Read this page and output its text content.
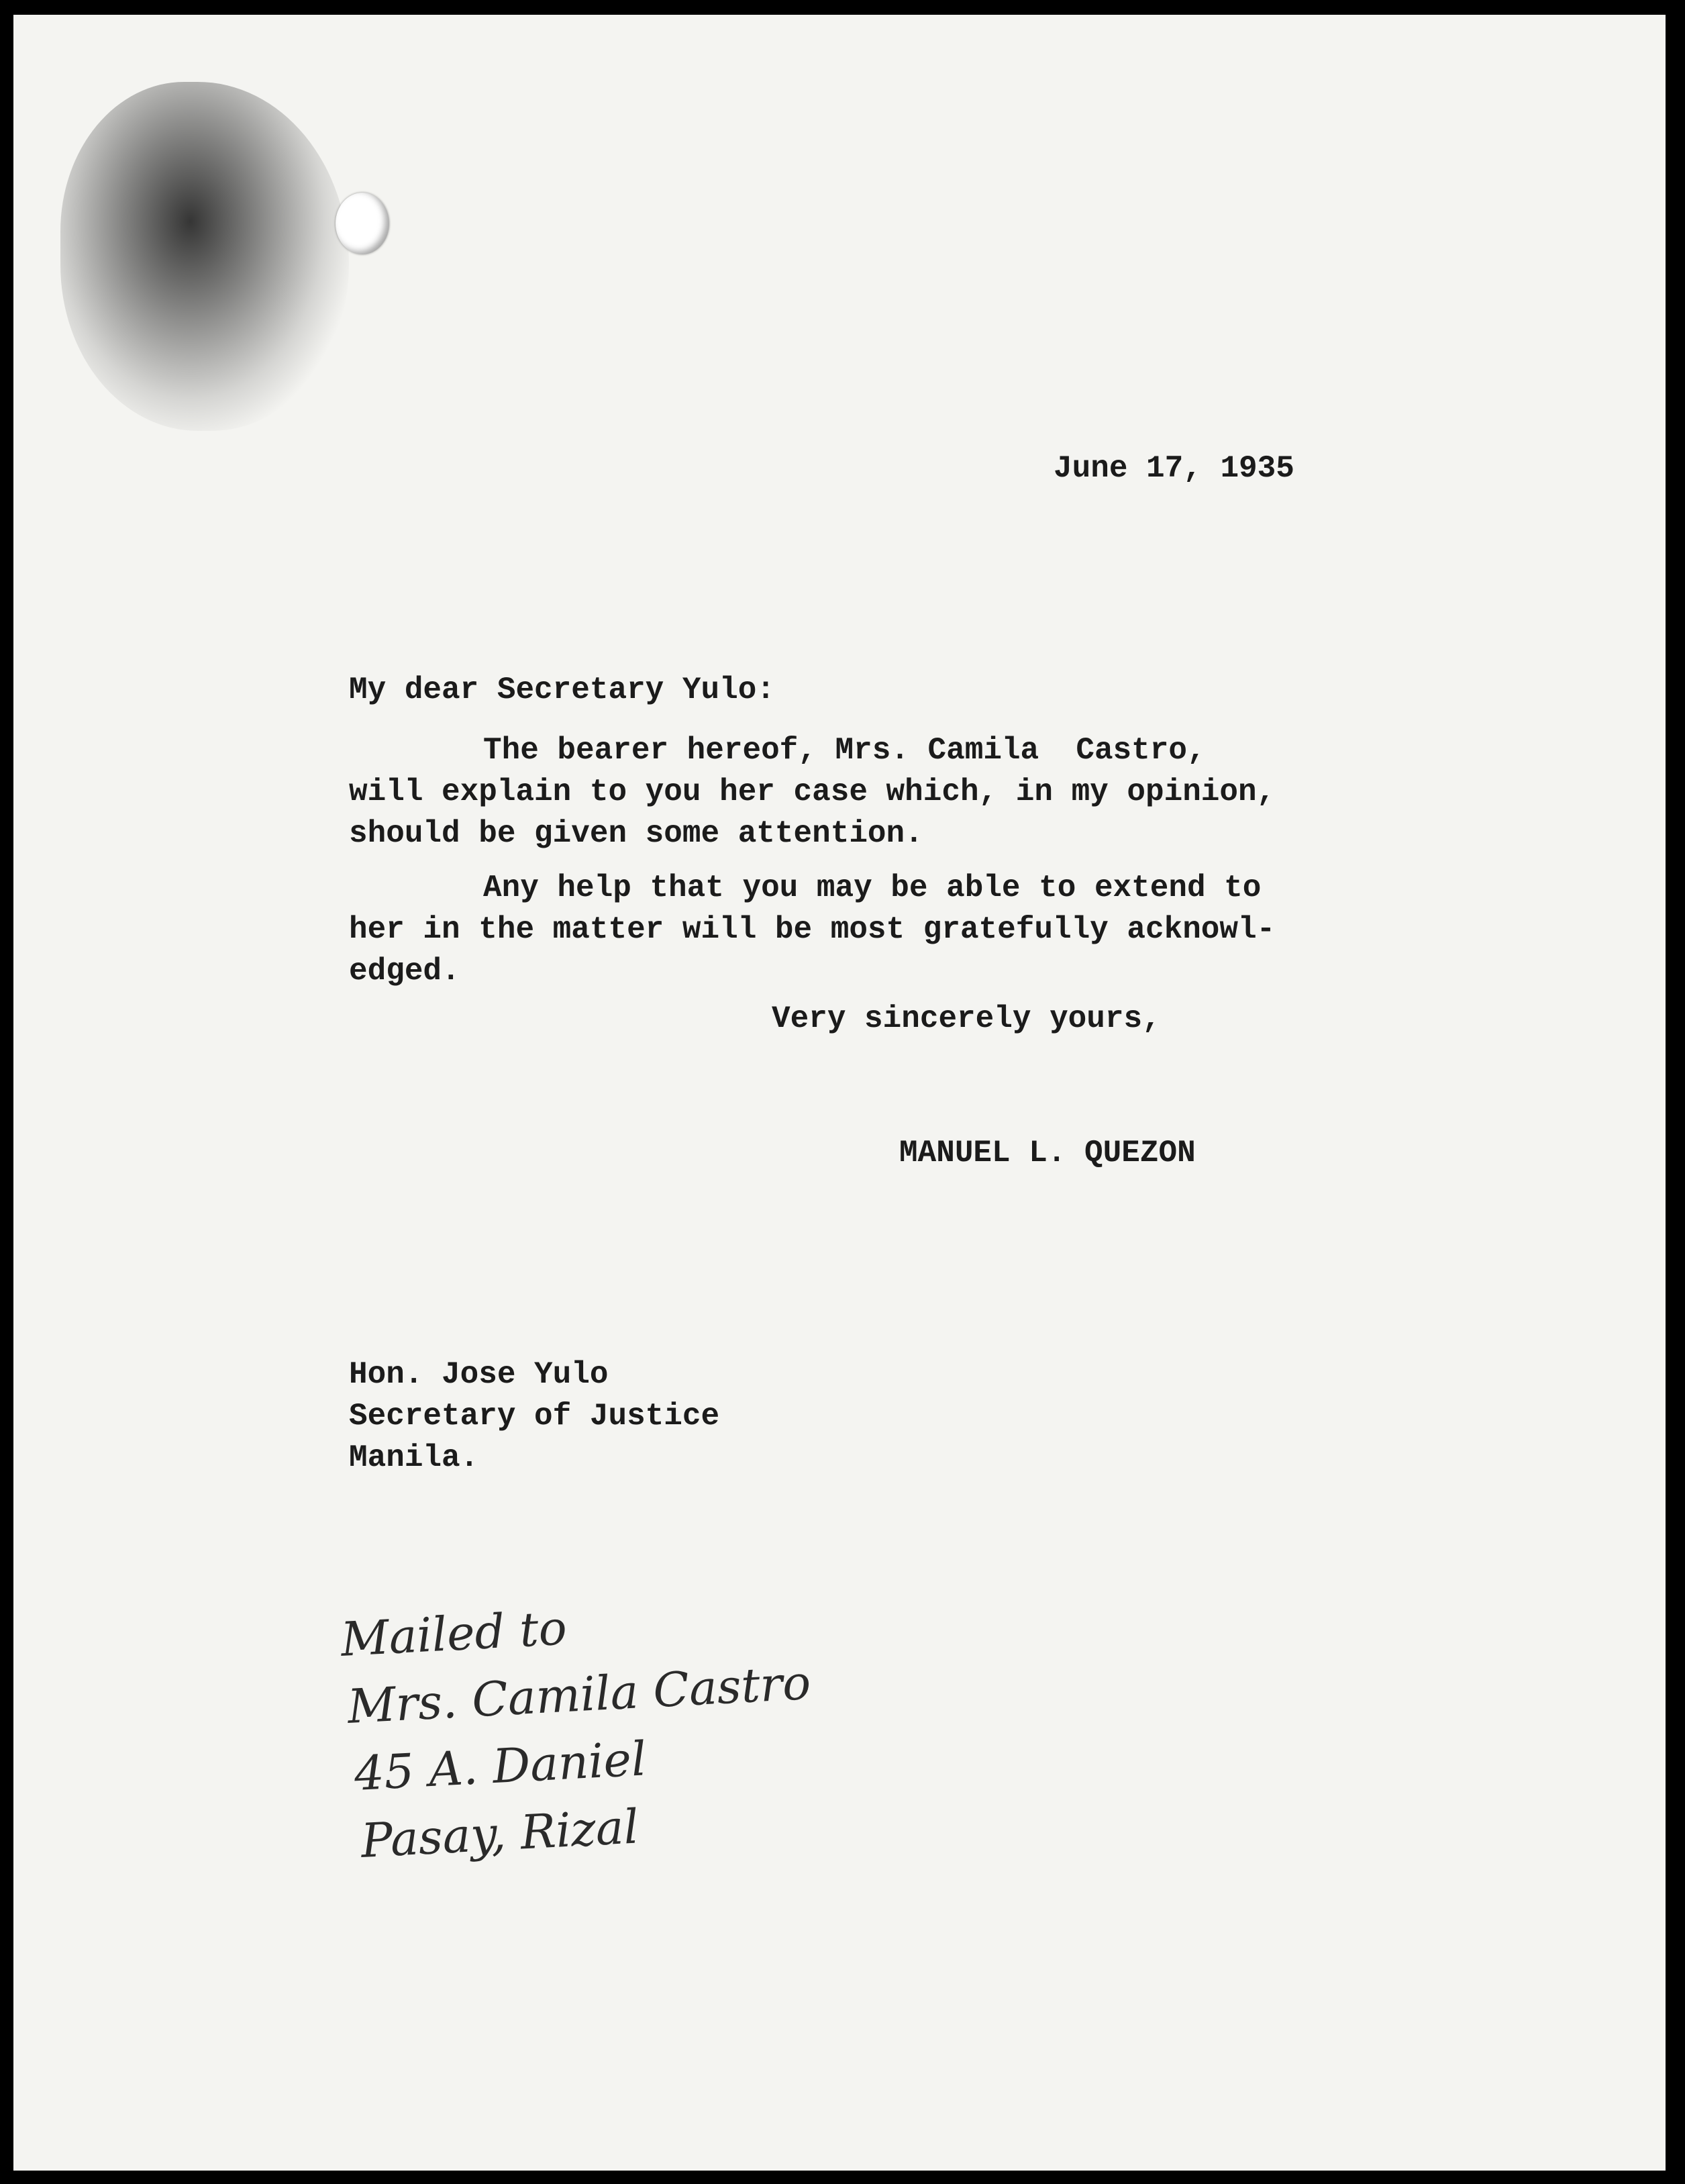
June 17, 1935
My dear Secretary Yulo:
The bearer hereof, Mrs. Camila  Castro,
will explain to you her case which, in my opinion,
should be given some attention.
Any help that you may be able to extend to
her in the matter will be most gratefully acknowl-
edged.
Very sincerely yours,
MANUEL L. QUEZON
Hon. Jose Yulo
Secretary of Justice
Manila.
Mailed to
Mrs. Camila Castro
45 A. Daniel
Pasay, Rizal
